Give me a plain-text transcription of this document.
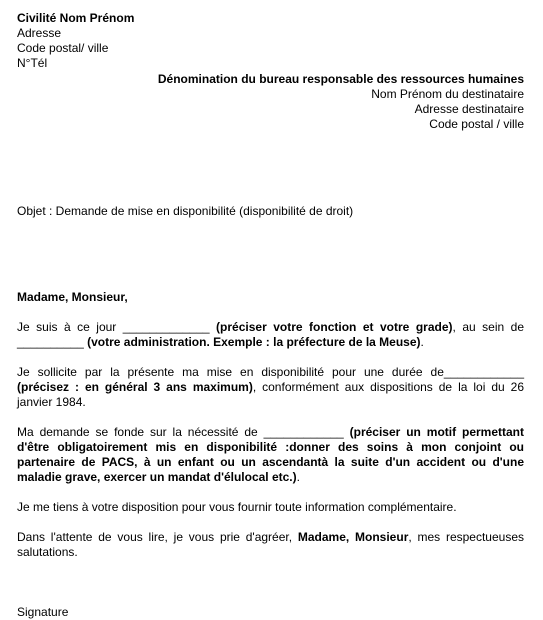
Civilité Nom Prénom
Adresse
Code postal/ ville
N°Tél
Dénomination du bureau responsable des ressources humaines
Nom Prénom du destinataire
Adresse destinataire
Code postal / ville
Objet : Demande de mise en disponibilité (disponibilité de droit)

Madame, Monsieur,

Je suis à ce jour _____________ (préciser votre fonction et votre grade), au sein de __________ (votre administration. Exemple : la préfecture de la Meuse).

Je sollicite par la présente ma mise en disponibilité pour une durée de____________ (précisez : en général 3 ans maximum), conformément aux dispositions de la loi du 26 janvier 1984.

Ma demande se fonde sur la nécessité de ____________ (préciser un motif permettant d'être obligatoirement mis en disponibilité :donner des soins à mon conjoint ou partenaire de PACS, à un enfant ou un ascendantà la suite d'un accident ou d'une maladie grave, exercer un mandat d'élulocal etc.).

Je me tiens à votre disposition pour vous fournir toute information complémentaire.

Dans l'attente de vous lire, je vous prie d'agréer, Madame, Monsieur, mes respectueuses salutations.

Signature
